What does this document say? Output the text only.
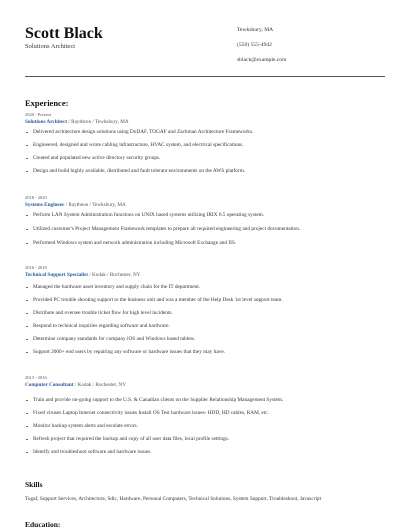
Scott Black
Solutions Architect
Tewksbury, MA
(550) 555-4942
sblack@example.com
Experience:
2020 - Present
Solutions Architect / Raytheon / Tewksbury, MA
Delivered architecture design solutions using DoDAF, TOGAF and Zachman Architecture Frameworks.
Engineered, designed and wrote cabling infrastructure, HVAC system, and electrical specifications.
Created and populated new active directory security groups.
Design and build highly available, distributed and fault tolerant environments on the AWS platform.
2018 - 2020
Systems Engineer / Raytheon / Tewksbury, MA
Perform LAN System Administration functions on UNIX based systems utilizing IRIX 6.5 operating system.
Utilized customer's Project Management Framework templates to prepare all required engineering and project documentation.
Performed Windows system and network administration including Microsoft Exchange and IIS.
2016 - 2018
Technical Support Specialist / Kodak / Rochester, NY
Managed the hardware asset inventory and supply chain for the IT department.
Provided PC trouble shooting support to the business unit and was a member of the Help Desk 1st level support team.
Distribute and oversee trouble ticket flow for high level incidents.
Respond to technical inquiries regarding software and hardware.
Determine company standards for company iOS and Windows based tablets.
Support 2000+ end users by repairing any software or hardware issues that they may have.
2013 - 2016
Computer Consultant / Kodak / Rochester, NY
Train and provide on-going support to the U.S. & Canadian clients on the Supplier Relationship Management System.
Fixed viruses Laptop Internet connectivity issues Install OS Test hardware issues- HDD, HD cables, RAM, etc.
Monitor backup system alerts and escalate errors.
Refresh project that required the backup and copy of all user data files, local profile settings.
Identify and troubleshoot software and hardware issues.
Skills
Togaf, Support Services, Architecture, Sdlc, Hardware, Personal Computers, Technical Solutions, System Support, Troubleshoot, Javascript
Education:
